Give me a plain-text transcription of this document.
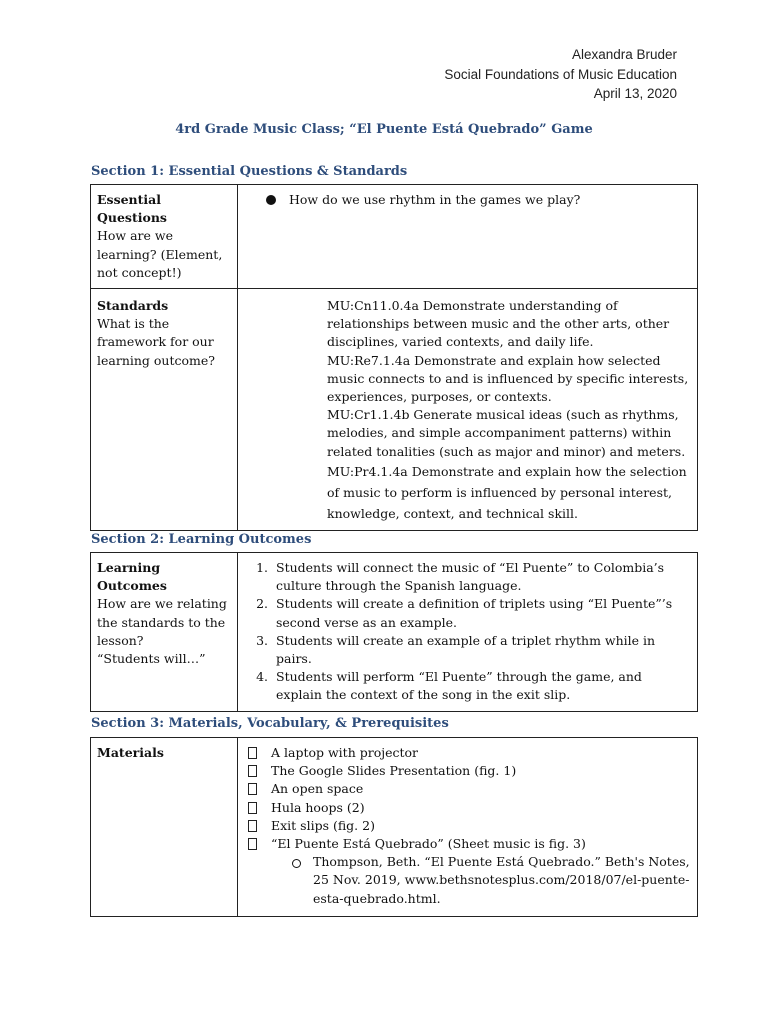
Alexandra Bruder
Social Foundations of Music Education
April 13, 2020
4rd Grade Music Class; “El Puente Está Quebrado” Game
Section 1: Essential Questions & Standards
Essential Questions
How are we learning? (Element, not concept!)	How do we use rhythm in the games we play?

Standards
What is the framework for our learning outcome?	MU:Cn11.0.4a Demonstrate understanding of relationships between music and the other arts, other disciplines, varied contexts, and daily life.
MU:Re7.1.4a Demonstrate and explain how selected music connects to and is influenced by specific interests, experiences, purposes, or contexts.
MU:Cr1.1.4b Generate musical ideas (such as rhythms, melodies, and simple accompaniment patterns) within related tonalities (such as major and minor) and meters.
MU:Pr4.1.4a Demonstrate and explain how the selection of music to perform is influenced by personal interest, knowledge, context, and technical skill.
Section 2: Learning Outcomes
Learning Outcomes
How are we relating the standards to the lesson?
“Students will…”

1. Students will connect the music of “El Puente” to Colombia’s culture through the Spanish language.
2. Students will create a definition of triplets using “El Puente”’s second verse as an example.
3. Students will create an example of a triplet rhythm while in pairs.
4. Students will perform “El Puente” through the game, and explain the context of the song in the exit slip.
Section 3: Materials, Vocabulary, & Prerequisites
Materials	A laptop with projector
The Google Slides Presentation (fig. 1)
An open space
Hula hoops (2)
Exit slips (fig. 2)
“El Puente Está Quebrado” (Sheet music is fig. 3)
Thompson, Beth. “El Puente Está Quebrado.” Beth's Notes, 25 Nov. 2019, www.bethsnotesplus.com/2018/07/el-puente-esta-quebrado.html.
